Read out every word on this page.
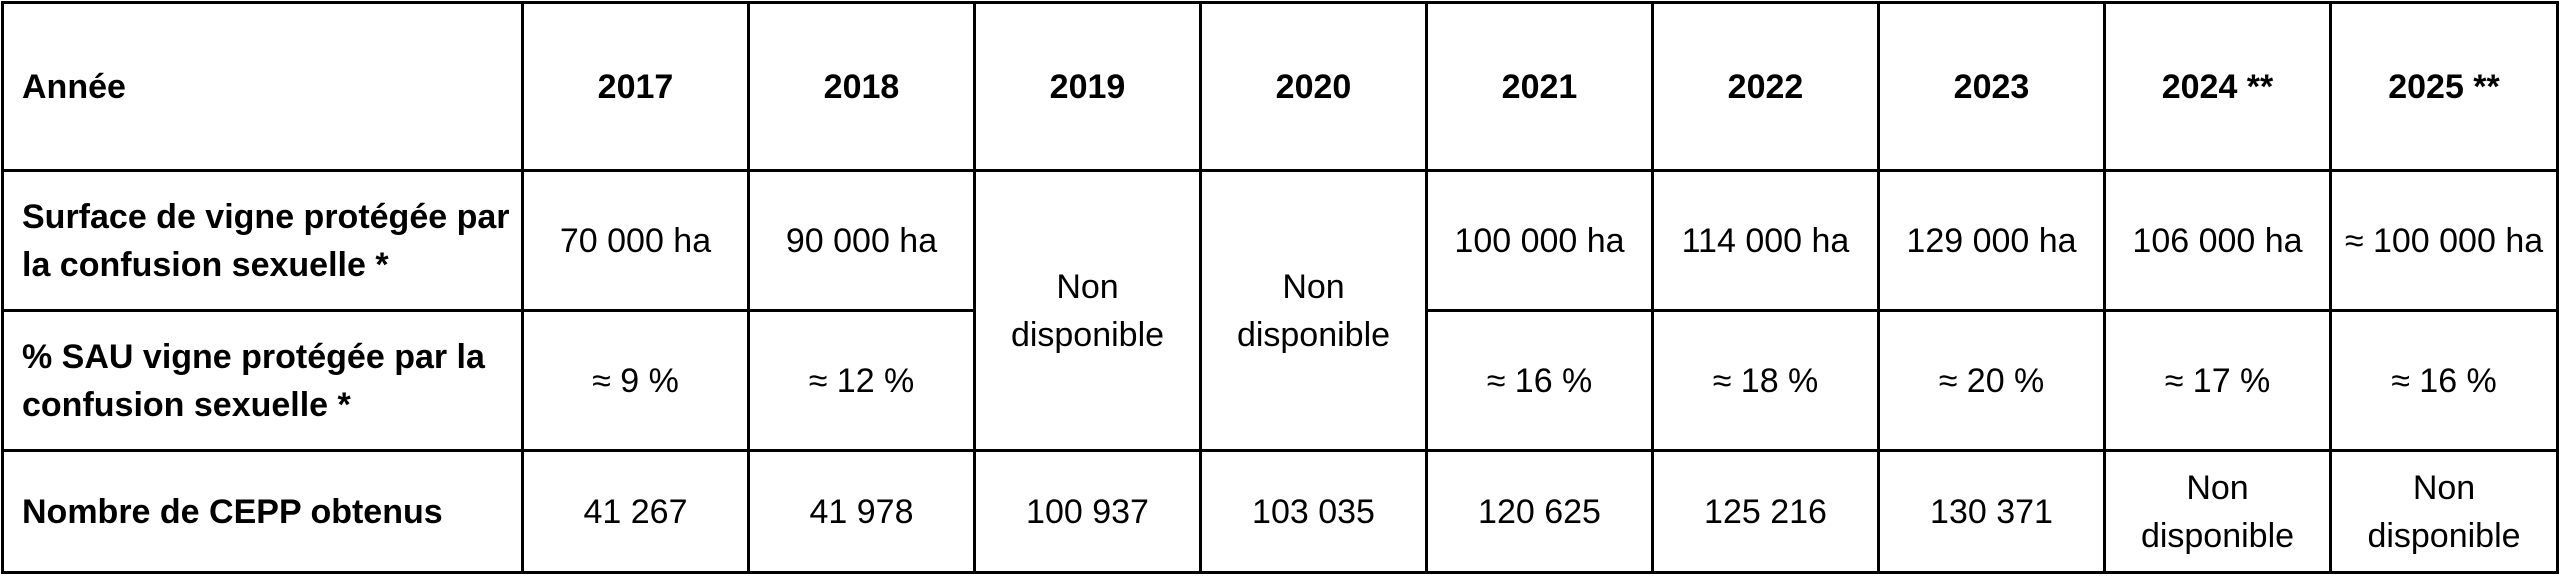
Année	2017	2018	2019	2020	2021	2022	2023	2024 **	2025 **
Surface de vigne protégée par la confusion sexuelle *	70 000 ha	90 000 ha	Non disponible	Non disponible	100 000 ha	114 000 ha	129 000 ha	106 000 ha	≈ 100 000 ha
% SAU vigne protégée par la confusion sexuelle *	≈ 9 %	≈ 12 %			≈ 16 %	≈ 18 %	≈ 20 %	≈ 17 %	≈ 16 %
Nombre de CEPP obtenus	41 267	41 978	100 937	103 035	120 625	125 216	130 371	Non disponible	Non disponible
